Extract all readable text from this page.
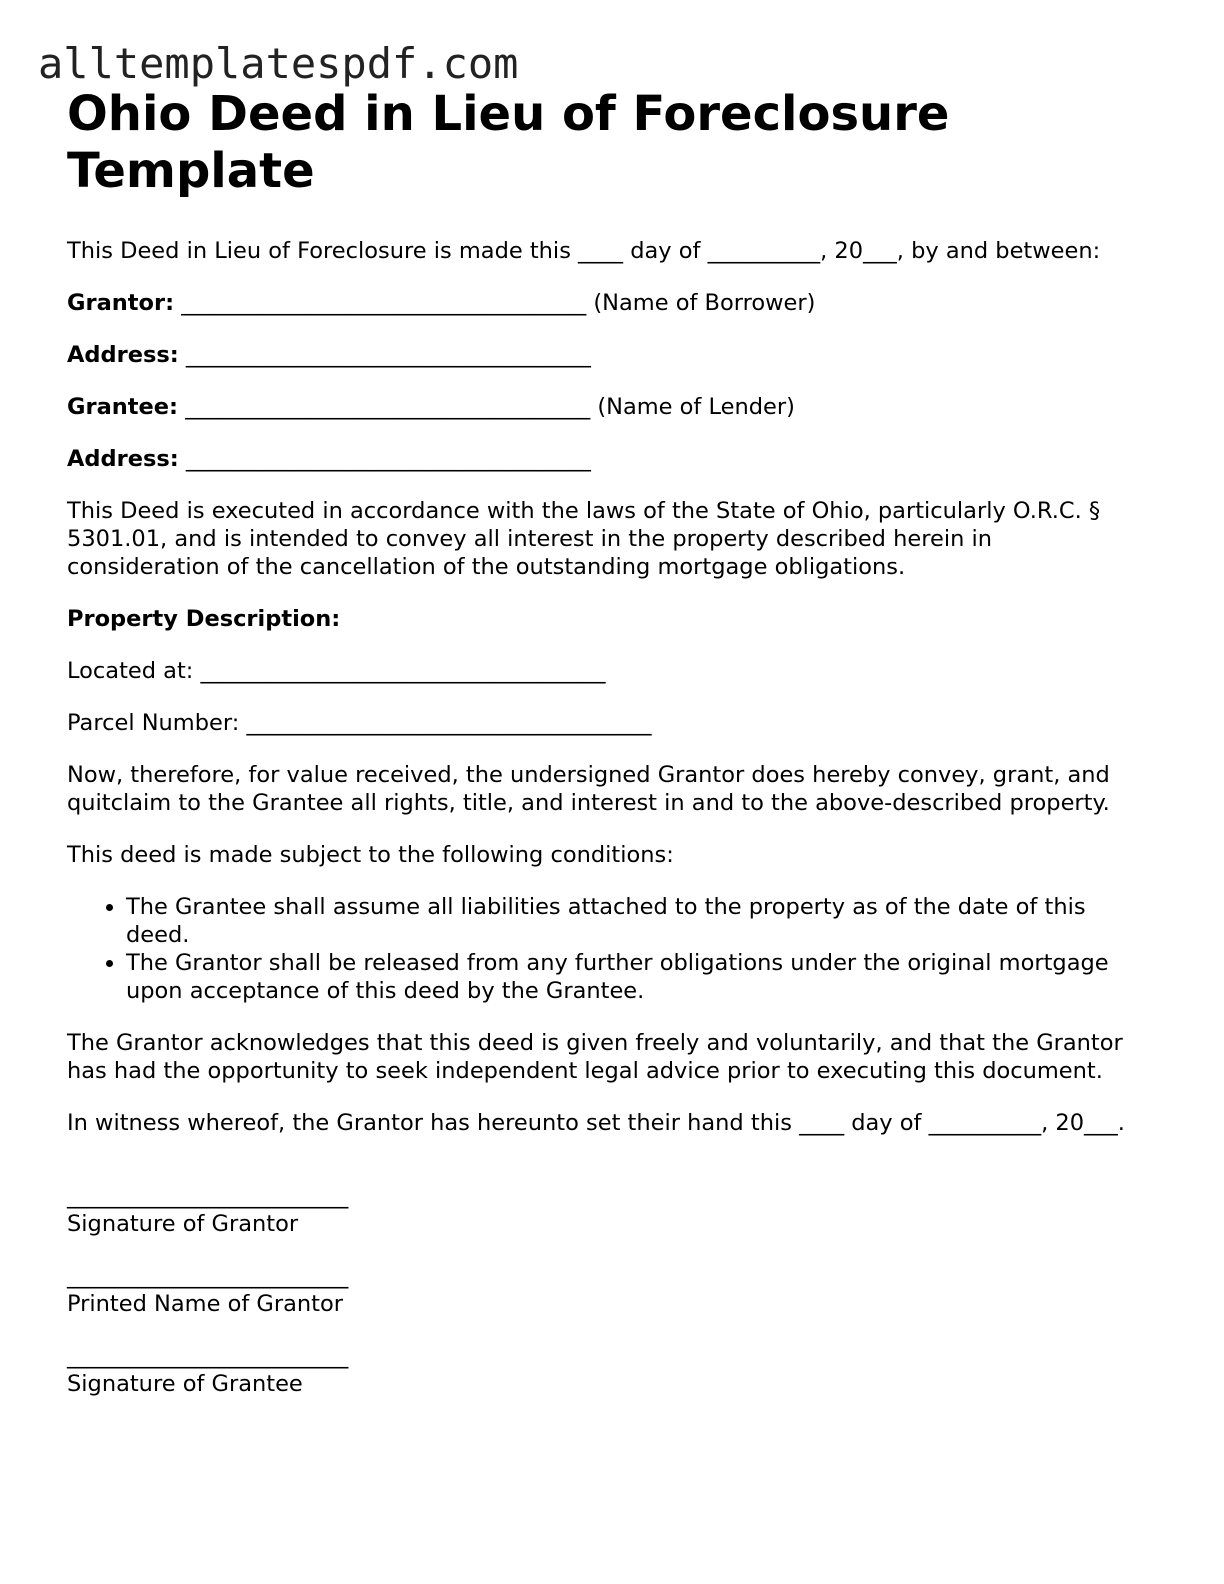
alltemplatespdf.com
Ohio Deed in Lieu of Foreclosure Template

This Deed in Lieu of Foreclosure is made this ____ day of __________, 20___, by and between:

Grantor: ____________________________________ (Name of Borrower)

Address: ____________________________________

Grantee: ____________________________________ (Name of Lender)

Address: ____________________________________

This Deed is executed in accordance with the laws of the State of Ohio, particularly O.R.C. § 5301.01, and is intended to convey all interest in the property described herein in consideration of the cancellation of the outstanding mortgage obligations.

Property Description:

Located at: ____________________________________

Parcel Number: ____________________________________

Now, therefore, for value received, the undersigned Grantor does hereby convey, grant, and quitclaim to the Grantee all rights, title, and interest in and to the above-described property.

This deed is made subject to the following conditions:

• The Grantee shall assume all liabilities attached to the property as of the date of this deed.
• The Grantor shall be released from any further obligations under the original mortgage upon acceptance of this deed by the Grantee.

The Grantor acknowledges that this deed is given freely and voluntarily, and that the Grantor has had the opportunity to seek independent legal advice prior to executing this document.

In witness whereof, the Grantor has hereunto set their hand this ____ day of __________, 20___.

_________________________
Signature of Grantor
_________________________
Printed Name of Grantor
_________________________
Signature of Grantee
